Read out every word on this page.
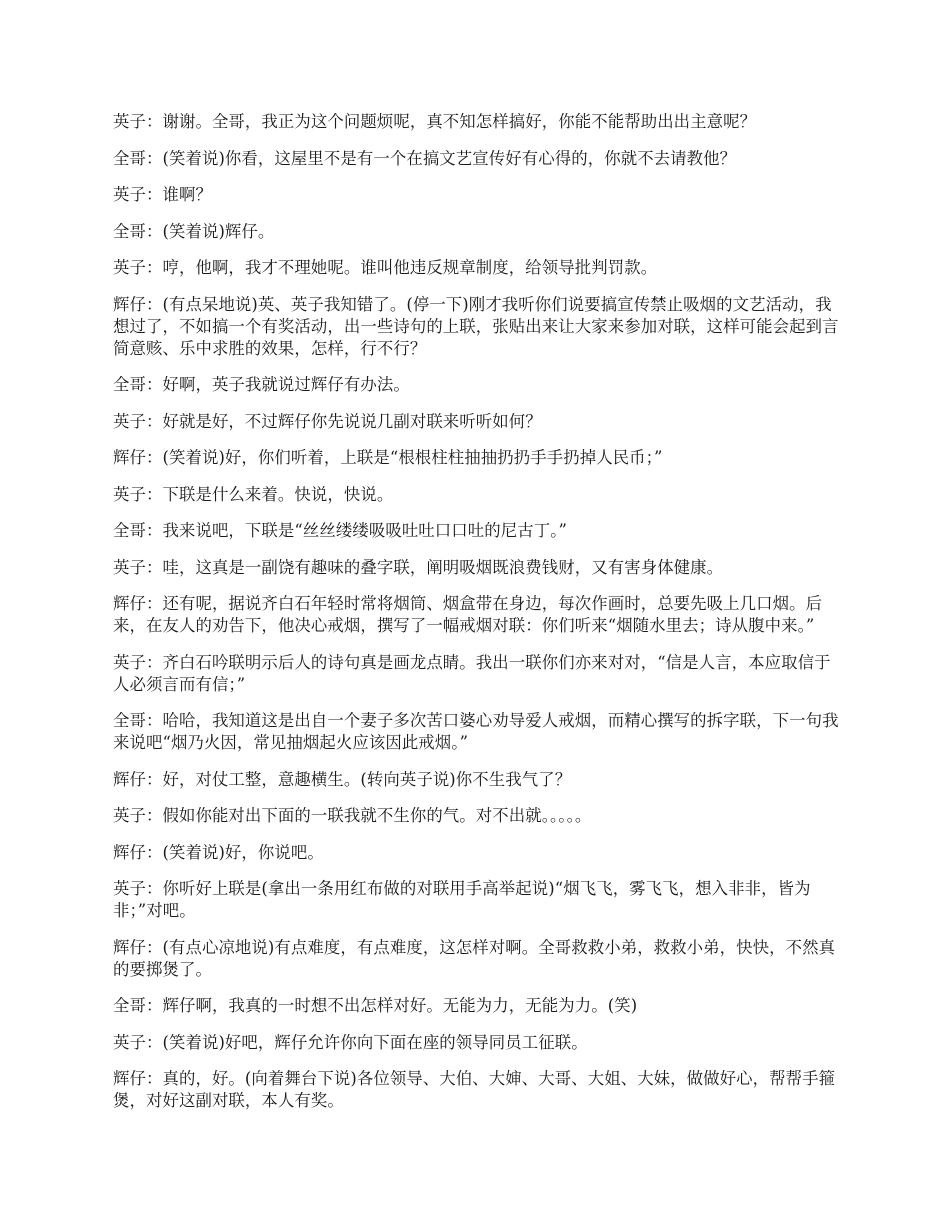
英子：谢谢。全哥，我正为这个问题烦呢，真不知怎样搞好，你能不能帮助出出主意呢？

全哥：(笑着说)你看，这屋里不是有一个在搞文艺宣传好有心得的，你就不去请教他？

英子：谁啊？

全哥：(笑着说)辉仔。

英子：哼，他啊，我才不理她呢。谁叫他违反规章制度，给领导批判罚款。

辉仔：(有点呆地说)英、英子我知错了。(停一下)刚才我听你们说要搞宣传禁止吸烟的文艺活动，我想过了，不如搞一个有奖活动，出一些诗句的上联，张贴出来让大家来参加对联，这样可能会起到言简意赅、乐中求胜的效果，怎样，行不行？

全哥：好啊，英子我就说过辉仔有办法。

英子：好就是好，不过辉仔你先说说几副对联来听听如何？

辉仔：(笑着说)好，你们听着，上联是“根根柱柱抽抽扔扔手手扔掉人民币；”

英子：下联是什么来着。快说，快说。

全哥：我来说吧，下联是“丝丝缕缕吸吸吐吐口口吐的尼古丁。”

英子：哇，这真是一副饶有趣味的叠字联，阐明吸烟既浪费钱财，又有害身体健康。

辉仔：还有呢，据说齐白石年轻时常将烟筒、烟盒带在身边，每次作画时，总要先吸上几口烟。后来，在友人的劝告下，他决心戒烟，撰写了一幅戒烟对联：你们听来“烟随水里去；诗从腹中来。”

英子：齐白石吟联明示后人的诗句真是画龙点睛。我出一联你们亦来对对，“信是人言，本应取信于人必须言而有信；”

全哥：哈哈，我知道这是出自一个妻子多次苦口婆心劝导爱人戒烟，而精心撰写的拆字联，下一句我来说吧“烟乃火因，常见抽烟起火应该因此戒烟。”

辉仔：好，对仗工整，意趣横生。(转向英子说)你不生我气了？

英子：假如你能对出下面的一联我就不生你的气。对不出就。。。。。

辉仔：(笑着说)好，你说吧。

英子：你听好上联是(拿出一条用红布做的对联用手高举起说)“烟飞飞，雾飞飞，想入非非，皆为非；”对吧。

辉仔：(有点心凉地说)有点难度，有点难度，这怎样对啊。全哥救救小弟，救救小弟，快快，不然真的要掷煲了。

全哥：辉仔啊，我真的一时想不出怎样对好。无能为力，无能为力。(笑)

英子：(笑着说)好吧，辉仔允许你向下面在座的领导同员工征联。

辉仔：真的，好。(向着舞台下说)各位领导、大伯、大婶、大哥、大姐、大妹，做做好心，帮帮手箍煲，对好这副对联，本人有奖。
